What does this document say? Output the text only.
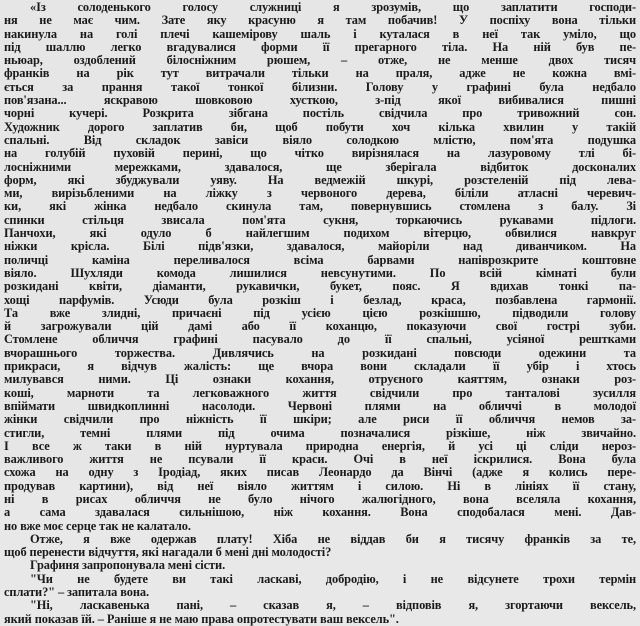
«Із солоденького голосу служниці я зрозумів, що заплатити господи-
ня не має чим. Зате яку красуню я там побачив! У поспіху вона тільки
накинула на голі плечі кашемірову шаль і куталася в неї так умiло, що
під шаллю легко вгадувалися форми її прегарного тіла. На ній був пе-
ньюар, оздоблений білосніжним рюшем, – отже, не менше двох тисяч
франків на рік тут витрачали тільки на праля, адже не кожна вмі-
ється за прання такої тонкої білизни. Голову у графині була недбало
пов'язана... яскравою шовковою хусткою, з-під якої вибивалися пишні
чорні кучері. Розкрита зібгана постіль свідчила про тривожний сон.
Художник дорого заплатив би, щоб побути хоч кілька хвилин у такій
спальні. Від складок завіси віяло солодкою млістю, пом'ята подушка
на голубій пуховій перині, що чітко вирізнялася на лазуровому тлі бі-
лосніжними мережками, здавалося, ще зберігала відбиток досконалих
форм, які збуджували уяву. На ведмежій шкурі, розстеленій під лева-
ми, вирізьбленими на ліжку з червоного дерева, біліли атласні черевич-
ки, які жінка недбало скинула там, повернувшись стомлена з балу. Зі
спинки стільця звисала пом'ята сукня, торкаючись рукавами підлоги.
Панчохи, які одуло б найлегшим подихом вітерцю, обвилися навкруг
ніжки крісла. Білі підв'язки, здавалося, майоріли над диванчиком. На
поличці каміна переливалося всіма барвами напіврозкрите коштовне
віяло. Шухляди комода лишилися невсунутими. По всій кімнаті були
розкидані квіти, діаманти, рукавички, букет, пояс. Я вдихав тонкі па-
хощі парфумів. Усюди була розкіш і безлад, краса, позбавлена гармонії.
Та вже злидні, причаєні під усією цією розкішшю, підводили голову
й загрожували цій дамі або її коханцю, показуючи свої гострі зуби.
Стомлене обличчя графині пасувало до її спальні, усіяної рештками
вчорашнього торжества. Дивлячись на розкидані повсюди одежини та
прикраси, я відчув жалість: ще вчора вони складали її убір і хтось
милувався ними. Ці ознаки кохання, отруєного каяттям, ознаки роз-
коші, марноти та легковажного життя свідчили про танталові зусилля
впіймати швидкоплинні насолоди. Червоні плями на обличчі в молодої
жінки свідчили про ніжність її шкіри; але риси її обличчя немов за-
стигли, темні плями під очима позначалися різкіше, ніж звичайно.
І все ж таки в ній нуртувала природна енергія, й усі ці сліди нероз-
важливого життя не псували її краси. Очі в неї іскрилися. Вона була
схожа на одну з Іродіад, яких писав Леонардо да Вінчі (адже я колись пере-
продував картини), від неї віяло життям і силою. Ні в лініях її стану,
ні в рисах обличчя не було нічого жалюгідного, вона вселяла кохання,
а сама здавалася сильнішою, ніж кохання. Вона сподобалася мені. Дав-
но вже моє серце так не калатало.
Отже, я вже одержав плату! Хіба не віддав би я тисячу франків за те,
щоб перенести відчуття, які нагадали б мені дні молодості?
Графиня запропонувала мені сісти.
"Чи не будете ви такі ласкаві, добродію, і не відсунете трохи термін
сплати?" – запитала вона.
"Ні, ласкавенька пані, – сказав я, – відповів я, згортаючи вексель,
який показав їй. – Раніше я не маю права опротестувати ваш вексель".
